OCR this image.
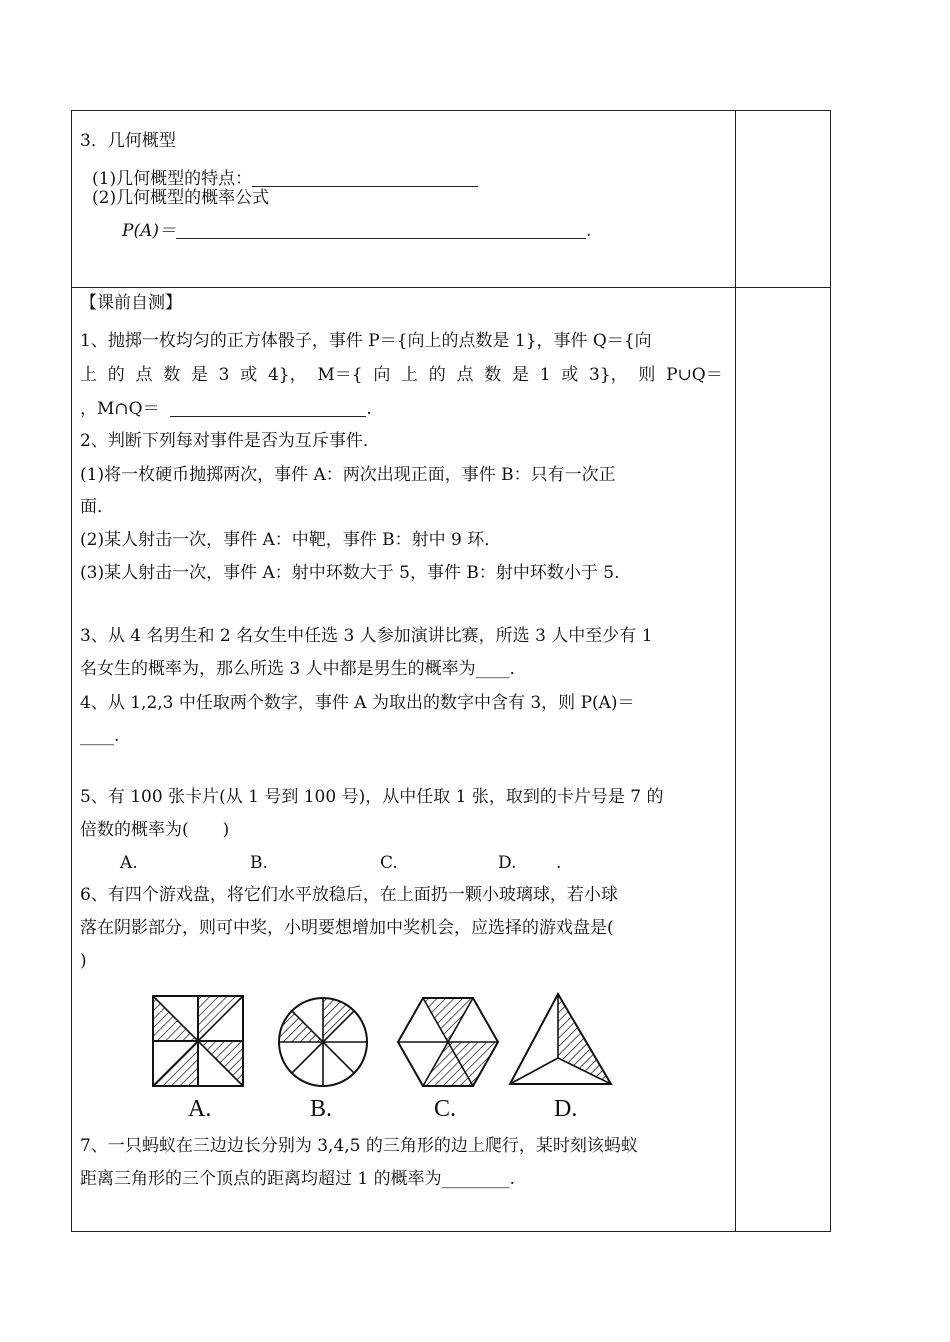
3．几何概型
(1)几何概型的特点：
(2)几何概型的概率公式
P(A)＝	.
【课前自测】
1、抛掷一枚均匀的正方体骰子，事件 P＝{向上的点数是 1}，事件 Q＝{向
上 的 点 数 是 3 或 4}， M＝{ 向 上 的 点 数 是 1 或 3}， 则 P∪Q＝
，M∩Q＝	.
2、判断下列每对事件是否为互斥事件．
(1)将一枚硬币抛掷两次，事件 A：两次出现正面，事件 B：只有一次正
面．
(2)某人射击一次，事件 A：中靶，事件 B：射中 9 环．
(3)某人射击一次，事件 A：射中环数大于 5，事件 B：射中环数小于 5.
3、从 4 名男生和 2 名女生中任选 3 人参加演讲比赛，所选 3 人中至少有 1
名女生的概率为，那么所选 3 人中都是男生的概率为____．
4、从 1,2,3 中任取两个数字，事件 A 为取出的数字中含有 3，则 P(A)＝
____.
5、有 100 张卡片(从 1 号到 100 号)，从中任取 1 张，取到的卡片号是 7 的
倍数的概率为(　　)
A.	B.	C.	D. .
6、有四个游戏盘，将它们水平放稳后，在上面扔一颗小玻璃球，若小球
落在阴影部分，则可中奖，小明要想增加中奖机会，应选择的游戏盘是(
)
A.	B.	C.	D.
7、一只蚂蚁在三边边长分别为 3,4,5 的三角形的边上爬行，某时刻该蚂蚁
距离三角形的三个顶点的距离均超过 1 的概率为________.
